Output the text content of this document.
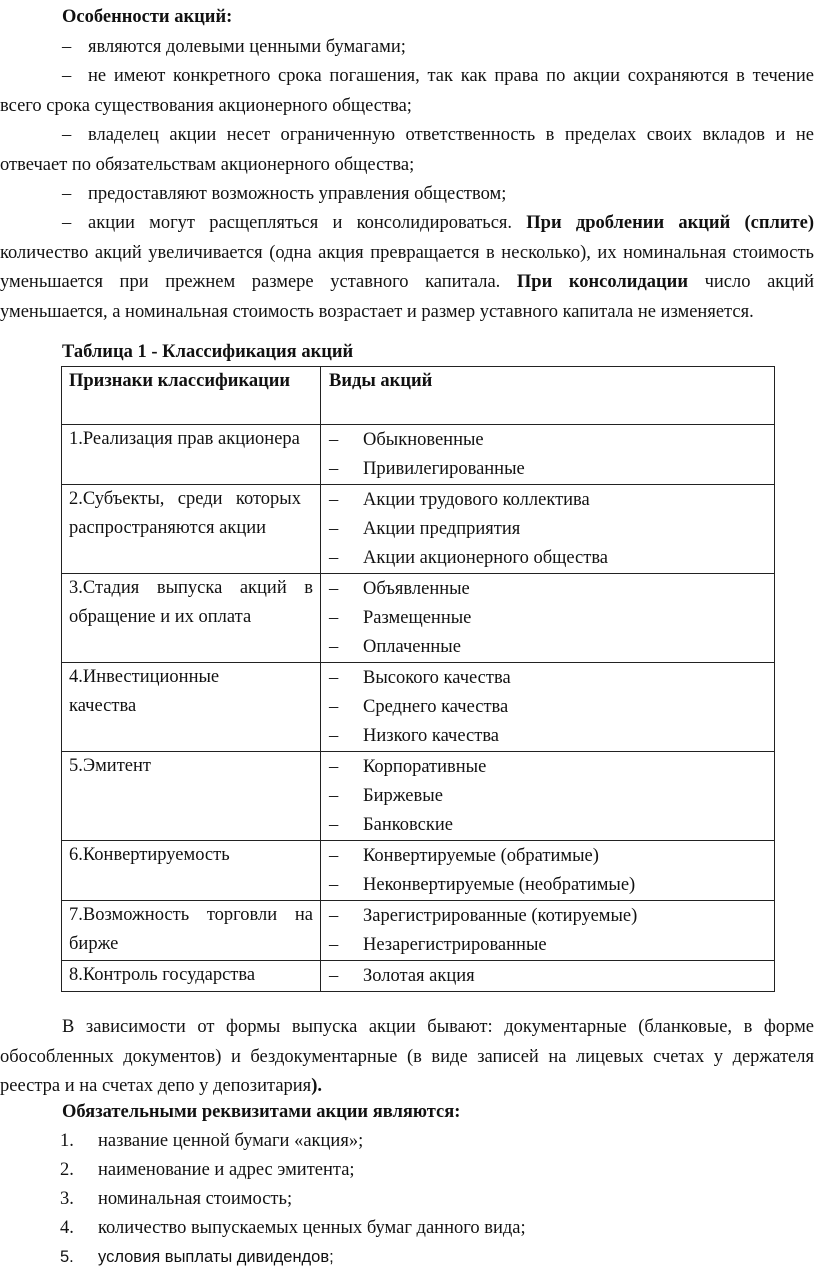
Особенности акций:
– являются долевыми ценными бумагами;
– не имеют конкретного срока погашения, так как права по акции сохраняются в течение всего срока существования акционерного общества;
– владелец акции несет ограниченную ответственность в пределах своих вкладов и не отвечает по обязательствам акционерного общества;
– предоставляют возможность управления обществом;
– акции могут расщепляться и консолидироваться. При дроблении акций (сплите) количество акций увеличивается (одна акция превращается в несколько), их номинальная стоимость уменьшается при прежнем размере уставного капитала. При консолидации число акций уменьшается, а номинальная стоимость возрастает и размер уставного капитала не изменяется.
Таблица 1 - Классификация акций
Признаки классификации	Виды акций

1.Реализация прав акционера	– Обыкновенные
– Привилегированные

2.Субъекты, среди которых распространяются акции	– Акции трудового коллектива
– Акции предприятия
– Акции акционерного общества

3.Стадия выпуска акций в обращение и их оплата	– Объявленные
– Размещенные
– Оплаченные

4.Инвестиционные качества	– Высокого качества
– Среднего качества
– Низкого качества

5.Эмитент	– Корпоративные
– Биржевые
– Банковские

6.Конвертируемость	– Конвертируемые (обратимые)
– Неконвертируемые (необратимые)

7.Возможность торговли на бирже	– Зарегистрированные (котируемые)
– Незарегистрированные

8.Контроль государства	– Золотая акция
В зависимости от формы выпуска акции бывают: документарные (бланковые, в форме обособленных документов) и бездокументарные (в виде записей на лицевых счетах у держателя реестра и на счетах депо у депозитария).
Обязательными реквизитами акции являются:
1. название ценной бумаги «акция»;
2. наименование и адрес эмитента;
3. номинальная стоимость;
4. количество выпускаемых ценных бумаг данного вида;
5. условия выплаты дивидендов;
